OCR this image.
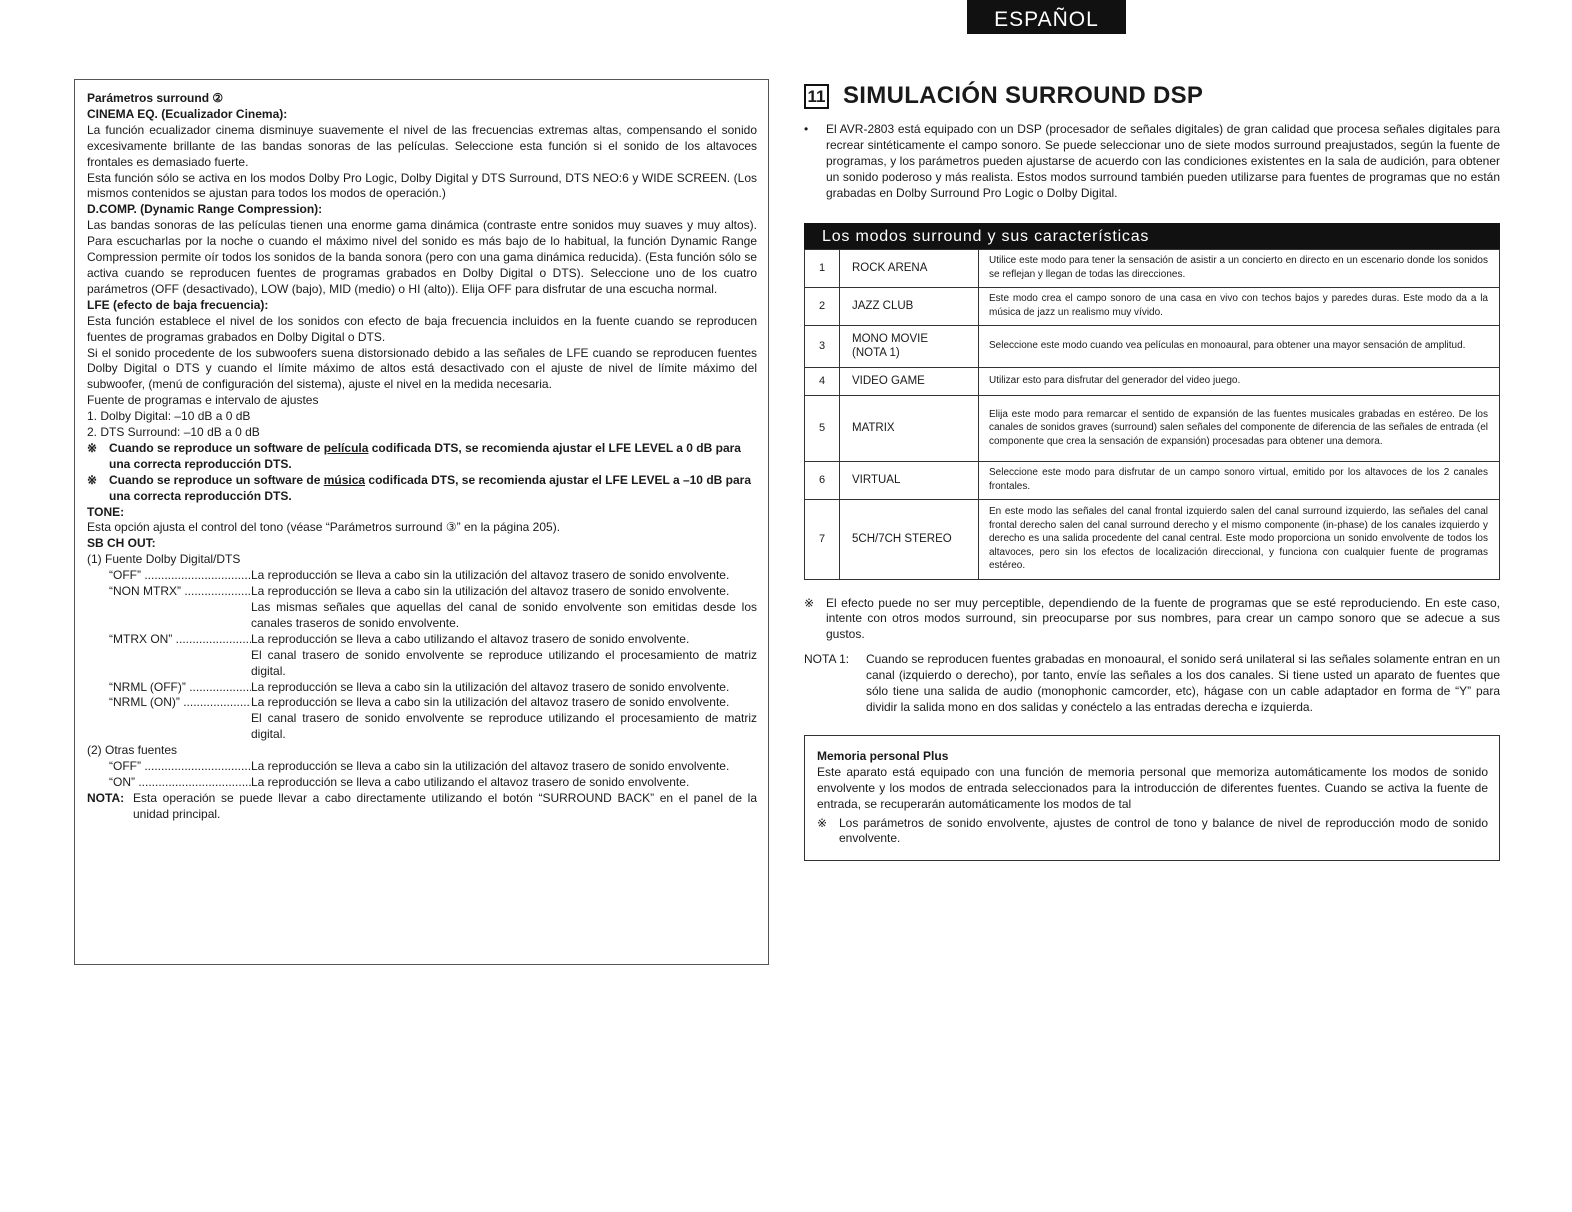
ESPAÑOL

Parámetros surround ②

CINEMA EQ. (Ecualizador Cinema):

La función ecualizador cinema disminuye suavemente el nivel de las frecuencias extremas altas, compensando el sonido excesivamente brillante de las bandas sonoras de las películas. Seleccione esta función si el sonido de los altavoces frontales es demasiado fuerte.

Esta función sólo se activa en los modos Dolby Pro Logic, Dolby Digital y DTS Surround, DTS NEO:6 y WIDE SCREEN. (Los mismos contenidos se ajustan para todos los modos de operación.)

D.COMP. (Dynamic Range Compression):

Las bandas sonoras de las películas tienen una enorme gama dinámica (contraste entre sonidos muy suaves y muy altos). Para escucharlas por la noche o cuando el máximo nivel del sonido es más bajo de lo habitual, la función Dynamic Range Compression permite oír todos los sonidos de la banda sonora (pero con una gama dinámica reducida). (Esta función sólo se activa cuando se reproducen fuentes de programas grabados en Dolby Digital o DTS). Seleccione uno de los cuatro parámetros (OFF (desactivado), LOW (bajo), MID (medio) o HI (alto)). Elija OFF para disfrutar de una escucha normal.

LFE (efecto de baja frecuencia):

Esta función establece el nivel de los sonidos con efecto de baja frecuencia incluidos en la fuente cuando se reproducen fuentes de programas grabados en Dolby Digital o DTS.

Si el sonido procedente de los subwoofers suena distorsionado debido a las señales de LFE cuando se reproducen fuentes Dolby Digital o DTS y cuando el límite máximo de altos está desactivado con el ajuste de nivel de límite máximo del subwoofer, (menú de configuración del sistema), ajuste el nivel en la medida necesaria.

Fuente de programas e intervalo de ajustes

1. Dolby Digital: –10 dB a 0 dB

2. DTS Surround: –10 dB a 0 dB

※ Cuando se reproduce un software de película codificada DTS, se recomienda ajustar el LFE LEVEL a 0 dB para una correcta reproducción DTS.
※ Cuando se reproduce un software de música codificada DTS, se recomienda ajustar el LFE LEVEL a –10 dB para una correcta reproducción DTS.

TONE:

Esta opción ajusta el control del tono (véase “Parámetros surround ③” en la página 205).

SB CH OUT:

(1) Fuente Dolby Digital/DTS

“OFF” .....	La reproducción se lleva a cabo sin la utilización del altavoz trasero de sonido envolvente.
“NON MTRX” .....	La reproducción se lleva a cabo sin la utilización del altavoz trasero de sonido envolvente.

Las mismas señales que aquellas del canal de sonido envolvente son emitidas desde los canales traseros de sonido envolvente.

“MTRX ON” .....	La reproducción se lleva a cabo utilizando el altavoz trasero de sonido envolvente.

El canal trasero de sonido envolvente se reproduce utilizando el procesamiento de matriz digital.

“NRML (OFF)” .....	La reproducción se lleva a cabo sin la utilización del altavoz trasero de sonido envolvente.
“NRML (ON)” .....	La reproducción se lleva a cabo sin la utilización del altavoz trasero de sonido envolvente.

El canal trasero de sonido envolvente se reproduce utilizando el procesamiento de matriz digital.

(2) Otras fuentes

“OFF” .....	La reproducción se lleva a cabo sin la utilización del altavoz trasero de sonido envolvente.
“ON” .....	La reproducción se lleva a cabo utilizando el altavoz trasero de sonido envolvente.
NOTA: Esta operación se puede llevar a cabo directamente utilizando el botón “SURROUND BACK” en el panel de la unidad principal.
11 SIMULACIÓN SURROUND DSP
•	El AVR-2803 está equipado con un DSP (procesador de señales digitales) de gran calidad que procesa señales digitales para recrear sintéticamente el campo sonoro. Se puede seleccionar uno de siete modos surround preajustados, según la fuente de programas, y los parámetros pueden ajustarse de acuerdo con las condiciones existentes en la sala de audición, para obtener un sonido poderoso y más realista. Estos modos surround también pueden utilizarse para fuentes de programas que no están grabadas en Dolby Surround Pro Logic o Dolby Digital.
Los modos surround y sus características
1	ROCK ARENA	Utilice este modo para tener la sensación de asistir a un concierto en directo en un escenario donde los sonidos se reflejan y llegan de todas las direcciones.
2	JAZZ CLUB	Este modo crea el campo sonoro de una casa en vivo con techos bajos y paredes duras. Este modo da a la música de jazz un realismo muy vívido.
3	MONO MOVIE
(NOTA 1)	Seleccione este modo cuando vea películas en monoaural, para obtener una mayor sensación de amplitud.
4	VIDEO GAME	Utilizar esto para disfrutar del generador del video juego.
5	MATRIX	Elija este modo para remarcar el sentido de expansión de las fuentes musicales grabadas en estéreo. De los canales de sonidos graves (surround) salen señales del componente de diferencia de las señales de entrada (el componente que crea la sensación de expansión) procesadas para obtener una demora.
6	VIRTUAL	Seleccione este modo para disfrutar de un campo sonoro virtual, emitido por los altavoces de los 2 canales frontales.
7	5CH/7CH STEREO	En este modo las señales del canal frontal izquierdo salen del canal surround izquierdo, las señales del canal frontal derecho salen del canal surround derecho y el mismo componente (in-phase) de los canales izquierdo y derecho es una salida procedente del canal central. Este modo proporciona un sonido envolvente de todos los altavoces, pero sin los efectos de localización direccional, y funciona con cualquier fuente de programas estéreo.
※ El efecto puede no ser muy perceptible, dependiendo de la fuente de programas que se esté reproduciendo. En este caso, intente con otros modos surround, sin preocuparse por sus nombres, para crear un campo sonoro que se adecue a sus gustos.
NOTA 1:	Cuando se reproducen fuentes grabadas en monoaural, el sonido será unilateral si las señales solamente entran en un canal (izquierdo o derecho), por tanto, envíe las señales a los dos canales. Si tiene usted un aparato de fuentes que sólo tiene una salida de audio (monophonic camcorder, etc), hágase con un cable adaptador en forma de “Y” para dividir la salida mono en dos salidas y conéctelo a las entradas derecha e izquierda.

Memoria personal Plus

Este aparato está equipado con una función de memoria personal que memoriza automáticamente los modos de sonido envolvente y los modos de entrada seleccionados para la introducción de diferentes fuentes. Cuando se activa la fuente de entrada, se recuperarán automáticamente los modos de tal

※ Los parámetros de sonido envolvente, ajustes de control de tono y balance de nivel de reproducción modo de sonido envolvente.
